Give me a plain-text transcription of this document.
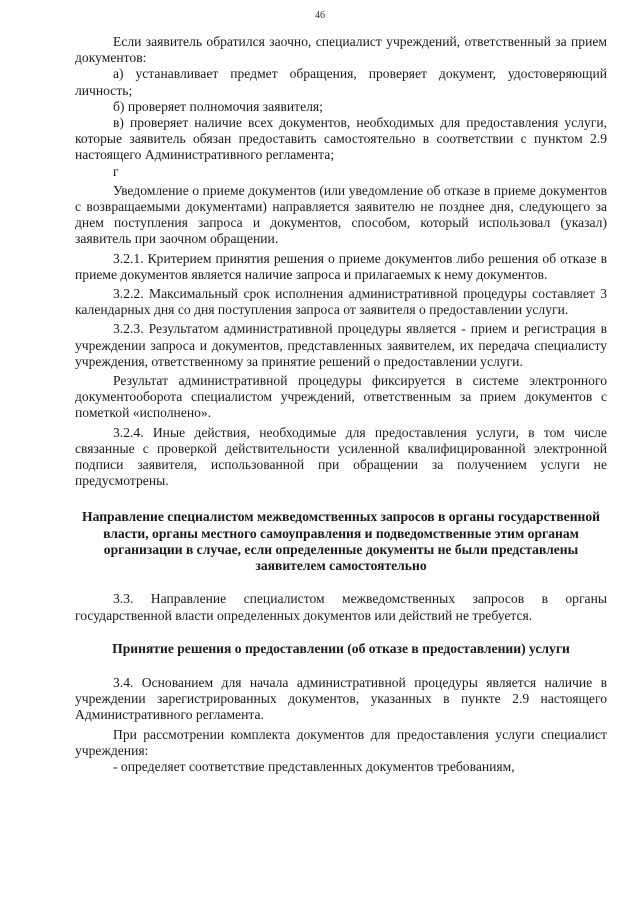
46

Если заявитель обратился заочно, специалист учреждений, ответственный за прием документов:

а) устанавливает предмет обращения, проверяет документ, удостоверяющий личность;

б) проверяет полномочия заявителя;

в) проверяет наличие всех документов, необходимых для предоставления услуги, которые заявитель обязан предоставить самостоятельно в соответствии с пунктом 2.9 настоящего Административного регламента;

г

Уведомление о приеме документов (или уведомление об отказе в приеме документов с возвращаемыми документами) направляется заявителю не позднее дня, следующего за днем поступления запроса и документов, способом, который использовал (указал) заявитель при заочном обращении.

3.2.1. Критерием принятия решения о приеме документов либо решения об отказе в приеме документов является наличие запроса и прилагаемых к нему документов.

3.2.2. Максимальный срок исполнения административной процедуры составляет 3 календарных дня со дня поступления запроса от заявителя о предоставлении услуги.

3.2.3. Результатом административной процедуры является - прием и регистрация в учреждении запроса и документов, представленных заявителем, их передача специалисту учреждения, ответственному за принятие решений о предоставлении услуги.

Результат административной процедуры фиксируется в системе электронного документооборота специалистом учреждений, ответственным за прием документов с пометкой «исполнено».

3.2.4. Иные действия, необходимые для предоставления услуги, в том числе связанные с проверкой действительности усиленной квалифицированной электронной подписи заявителя, использованной при обращении за получением услуги не предусмотрены.

Направление специалистом межведомственных запросов в органы государственной власти, органы местного самоуправления и подведомственные этим органам организации в случае, если определенные документы не были представлены заявителем самостоятельно

3.3. Направление специалистом межведомственных запросов в органы государственной власти определенных документов или действий не требуется.

Принятие решения о предоставлении (об отказе в предоставлении) услуги

3.4. Основанием для начала административной процедуры является наличие в учреждении зарегистрированных документов, указанных в пункте 2.9 настоящего Административного регламента.

При рассмотрении комплекта документов для предоставления услуги специалист учреждения:

- определяет соответствие представленных документов требованиям,
